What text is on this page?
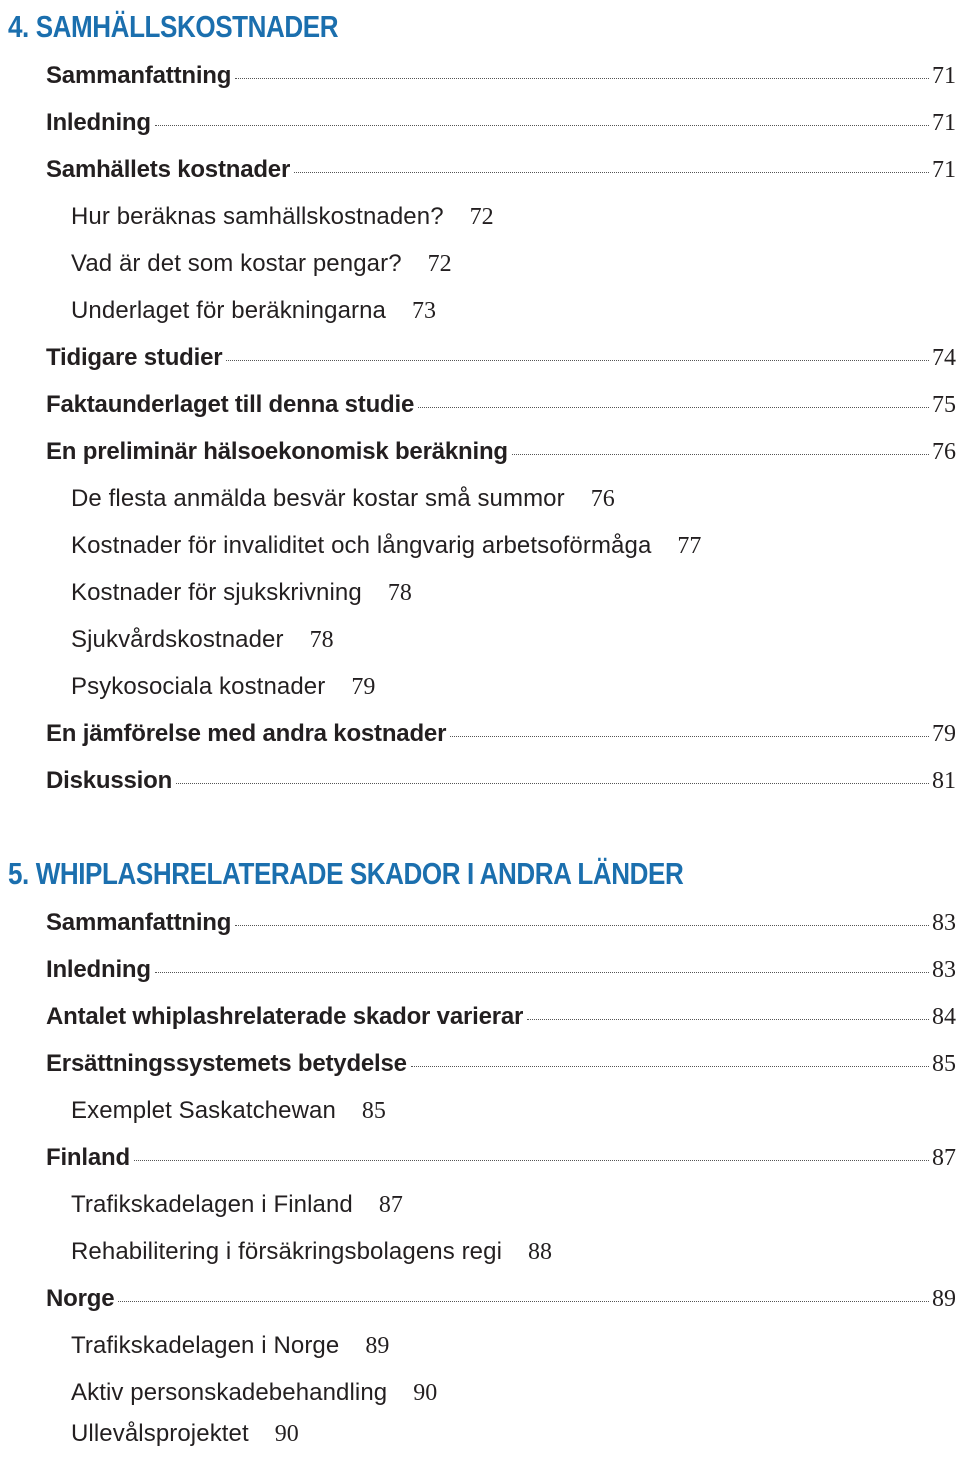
4. SAMHÄLLSKOSTNADER
Sammanfattning	71
Inledning	71
Samhällets kostnader	71
Hur beräknas samhällskostnaden? 72
Vad är det som kostar pengar? 72
Underlaget för beräkningarna 73
Tidigare studier	74
Faktaunderlaget till denna studie	75
En preliminär hälsoekonomisk beräkning	76
De flesta anmälda besvär kostar små summor 76
Kostnader för invaliditet och långvarig arbetsoförmåga 77
Kostnader för sjukskrivning 78
Sjukvårdskostnader 78
Psykosociala kostnader 79
En jämförelse med andra kostnader	79
Diskussion	81
5. WHIPLASHRELATERADE SKADOR I ANDRA LÄNDER
Sammanfattning	83
Inledning	83
Antalet whiplashrelaterade skador varierar	84
Ersättningssystemets betydelse	85
Exemplet Saskatchewan 85
Finland	87
Trafikskadelagen i Finland 87
Rehabilitering i försäkringsbolagens regi 88
Norge	89
Trafikskadelagen i Norge 89
Aktiv personskadebehandling 90
Ullevålsprojektet 90
